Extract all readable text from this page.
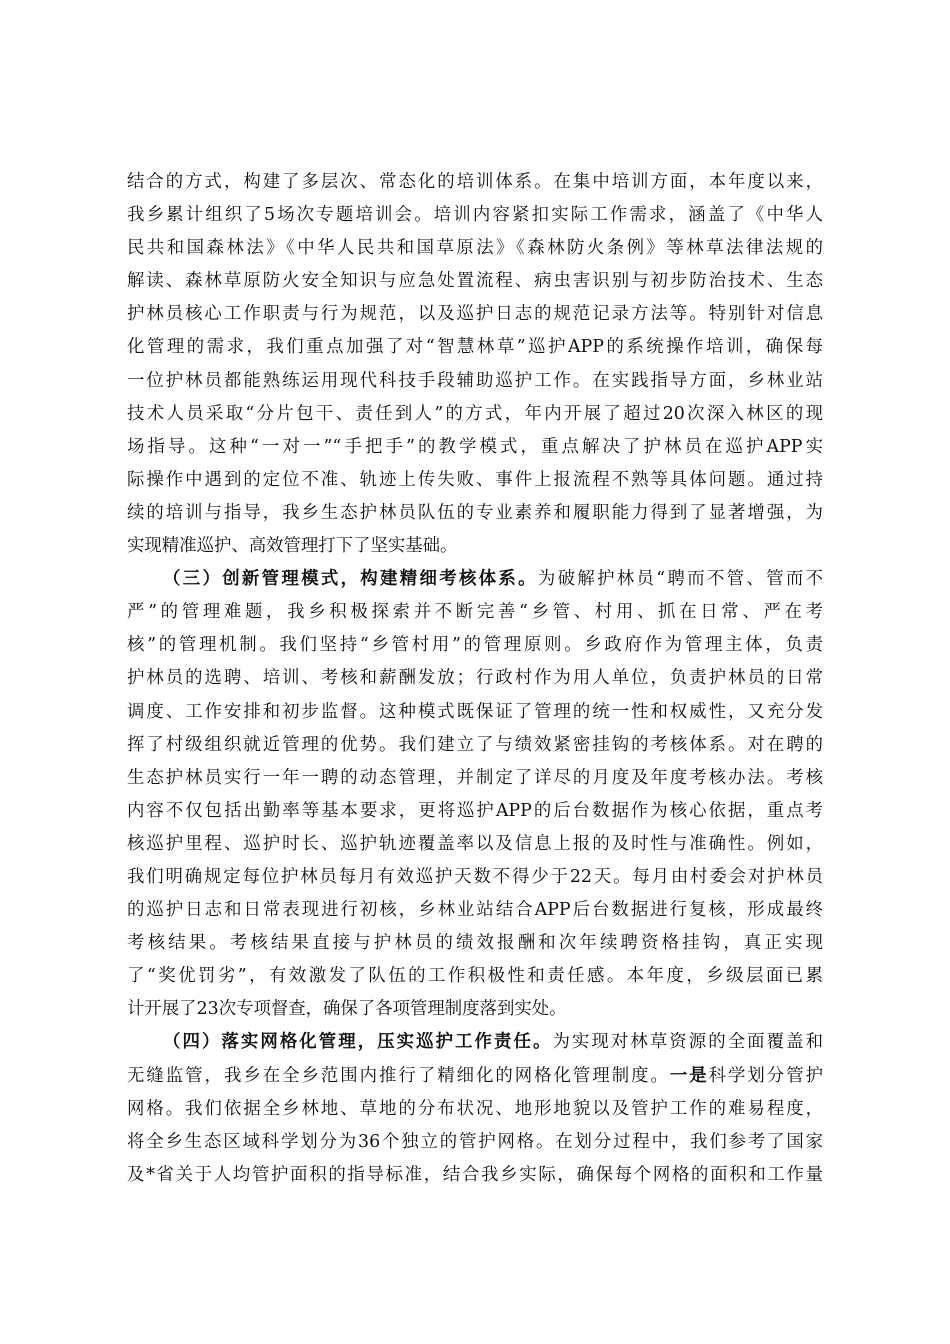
结合的方式，构建了多层次、常态化的培训体系。在集中培训方面，本年度以来，
我乡累计组织了5场次专题培训会。培训内容紧扣实际工作需求，涵盖了《中华人
民共和国森林法》《中华人民共和国草原法》《森林防火条例》等林草法律法规的
解读、森林草原防火安全知识与应急处置流程、病虫害识别与初步防治技术、生态
护林员核心工作职责与行为规范，以及巡护日志的规范记录方法等。特别针对信息
化管理的需求，我们重点加强了对“智慧林草”巡护APP的系统操作培训，确保每
一位护林员都能熟练运用现代科技手段辅助巡护工作。在实践指导方面，乡林业站
技术人员采取“分片包干、责任到人”的方式，年内开展了超过20次深入林区的现
场指导。这种“一对一”“手把手”的教学模式，重点解决了护林员在巡护APP实
际操作中遇到的定位不准、轨迹上传失败、事件上报流程不熟等具体问题。通过持
续的培训与指导，我乡生态护林员队伍的专业素养和履职能力得到了显著增强，为
实现精准巡护、高效管理打下了坚实基础。
（三）创新管理模式，构建精细考核体系。为破解护林员“聘而不管、管而不
严”的管理难题，我乡积极探索并不断完善“乡管、村用、抓在日常、严在考
核”的管理机制。我们坚持“乡管村用”的管理原则。乡政府作为管理主体，负责
护林员的选聘、培训、考核和薪酬发放；行政村作为用人单位，负责护林员的日常
调度、工作安排和初步监督。这种模式既保证了管理的统一性和权威性，又充分发
挥了村级组织就近管理的优势。我们建立了与绩效紧密挂钩的考核体系。对在聘的
生态护林员实行一年一聘的动态管理，并制定了详尽的月度及年度考核办法。考核
内容不仅包括出勤率等基本要求，更将巡护APP的后台数据作为核心依据，重点考
核巡护里程、巡护时长、巡护轨迹覆盖率以及信息上报的及时性与准确性。例如，
我们明确规定每位护林员每月有效巡护天数不得少于22天。每月由村委会对护林员
的巡护日志和日常表现进行初核，乡林业站结合APP后台数据进行复核，形成最终
考核结果。考核结果直接与护林员的绩效报酬和次年续聘资格挂钩，真正实现
了“奖优罚劣”，有效激发了队伍的工作积极性和责任感。本年度，乡级层面已累
计开展了23次专项督查，确保了各项管理制度落到实处。
（四）落实网格化管理，压实巡护工作责任。为实现对林草资源的全面覆盖和
无缝监管，我乡在全乡范围内推行了精细化的网格化管理制度。一是科学划分管护
网格。我们依据全乡林地、草地的分布状况、地形地貌以及管护工作的难易程度，
将全乡生态区域科学划分为36个独立的管护网格。在划分过程中，我们参考了国家
及*省关于人均管护面积的指导标准，结合我乡实际，确保每个网格的面积和工作量
